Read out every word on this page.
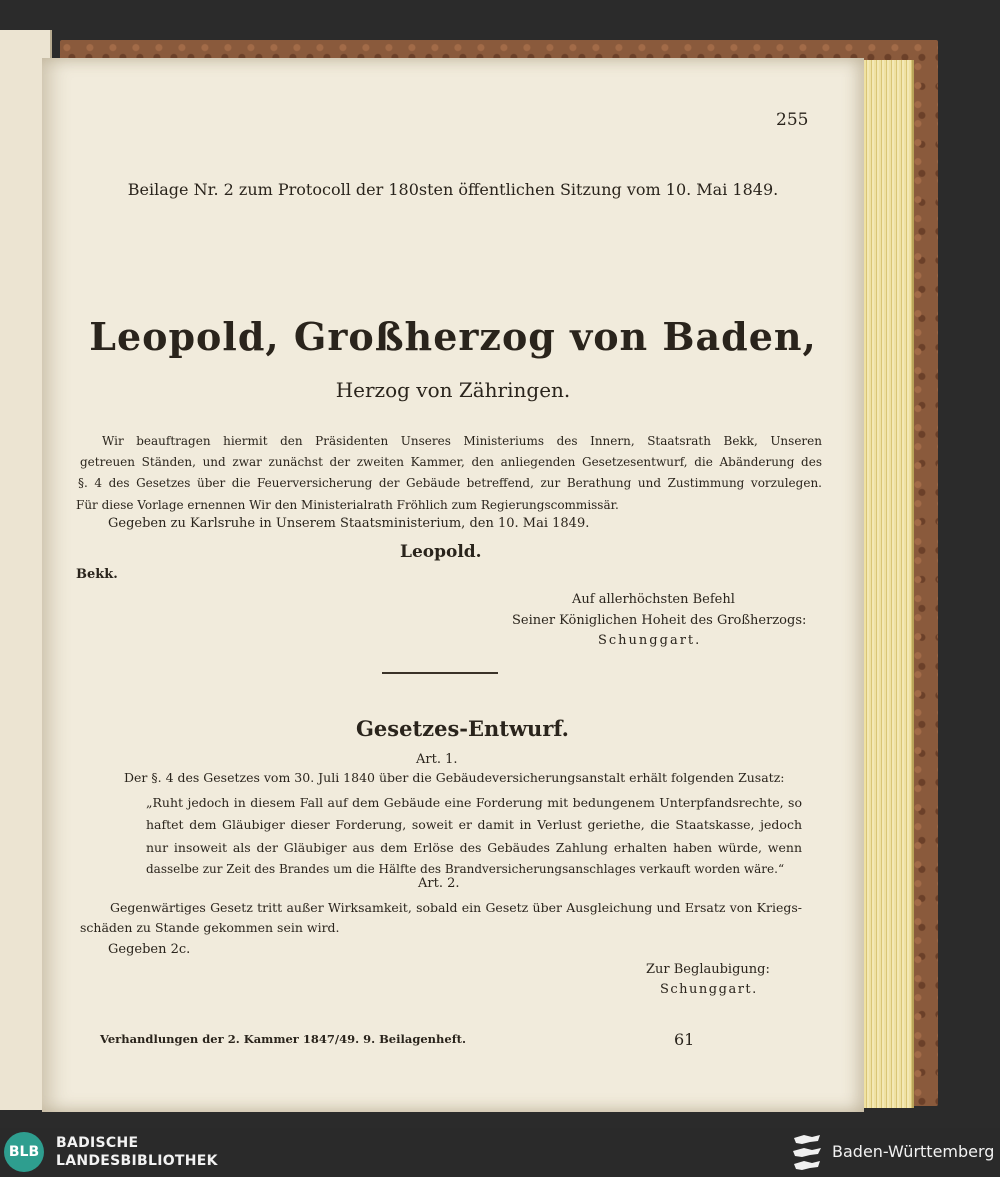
255
Beilage Nr. 2 zum Protocoll der 180sten öffentlichen Sitzung vom 10. Mai 1849.
Leopold, Großherzog von Baden,
Herzog von Zähringen.
Wir beauftragen hiermit den Präsidenten Unseres Ministeriums des Innern, Staatsrath Bekk, Unseren
getreuen Ständen, und zwar zunächst der zweiten Kammer, den anliegenden Gesetzesentwurf, die Abänderung des
§. 4 des Gesetzes über die Feuerversicherung der Gebäude betreffend, zur Berathung und Zustimmung vorzulegen.
Für diese Vorlage ernennen Wir den Ministerialrath Fröhlich zum Regierungscommissär.
Gegeben zu Karlsruhe in Unserem Staatsministerium, den 10. Mai 1849.
Leopold.
Bekk.
Auf allerhöchsten Befehl
Seiner Königlichen Hoheit des Großherzogs:
Schunggart.
Gesetzes-Entwurf.
Art. 1.
Der §. 4 des Gesetzes vom 30. Juli 1840 über die Gebäudeversicherungsanstalt erhält folgenden Zusatz:
„Ruht jedoch in diesem Fall auf dem Gebäude eine Forderung mit bedungenem Unterpfandsrechte, so
haftet dem Gläubiger dieser Forderung, soweit er damit in Verlust geriethe, die Staatskasse, jedoch
nur insoweit als der Gläubiger aus dem Erlöse des Gebäudes Zahlung erhalten haben würde, wenn
dasselbe zur Zeit des Brandes um die Hälfte des Brandversicherungsanschlages verkauft worden wäre.“
Art. 2.
Gegenwärtiges Gesetz tritt außer Wirksamkeit, sobald ein Gesetz über Ausgleichung und Ersatz von Kriegs-
schäden zu Stande gekommen sein wird.
Gegeben 2c.
Zur Beglaubigung:
Schunggart.
Verhandlungen der 2. Kammer 1847/49. 9. Beilagenheft.	61
BLB
BADISCHE
LANDESBIBLIOTHEK	Baden-Württemberg
